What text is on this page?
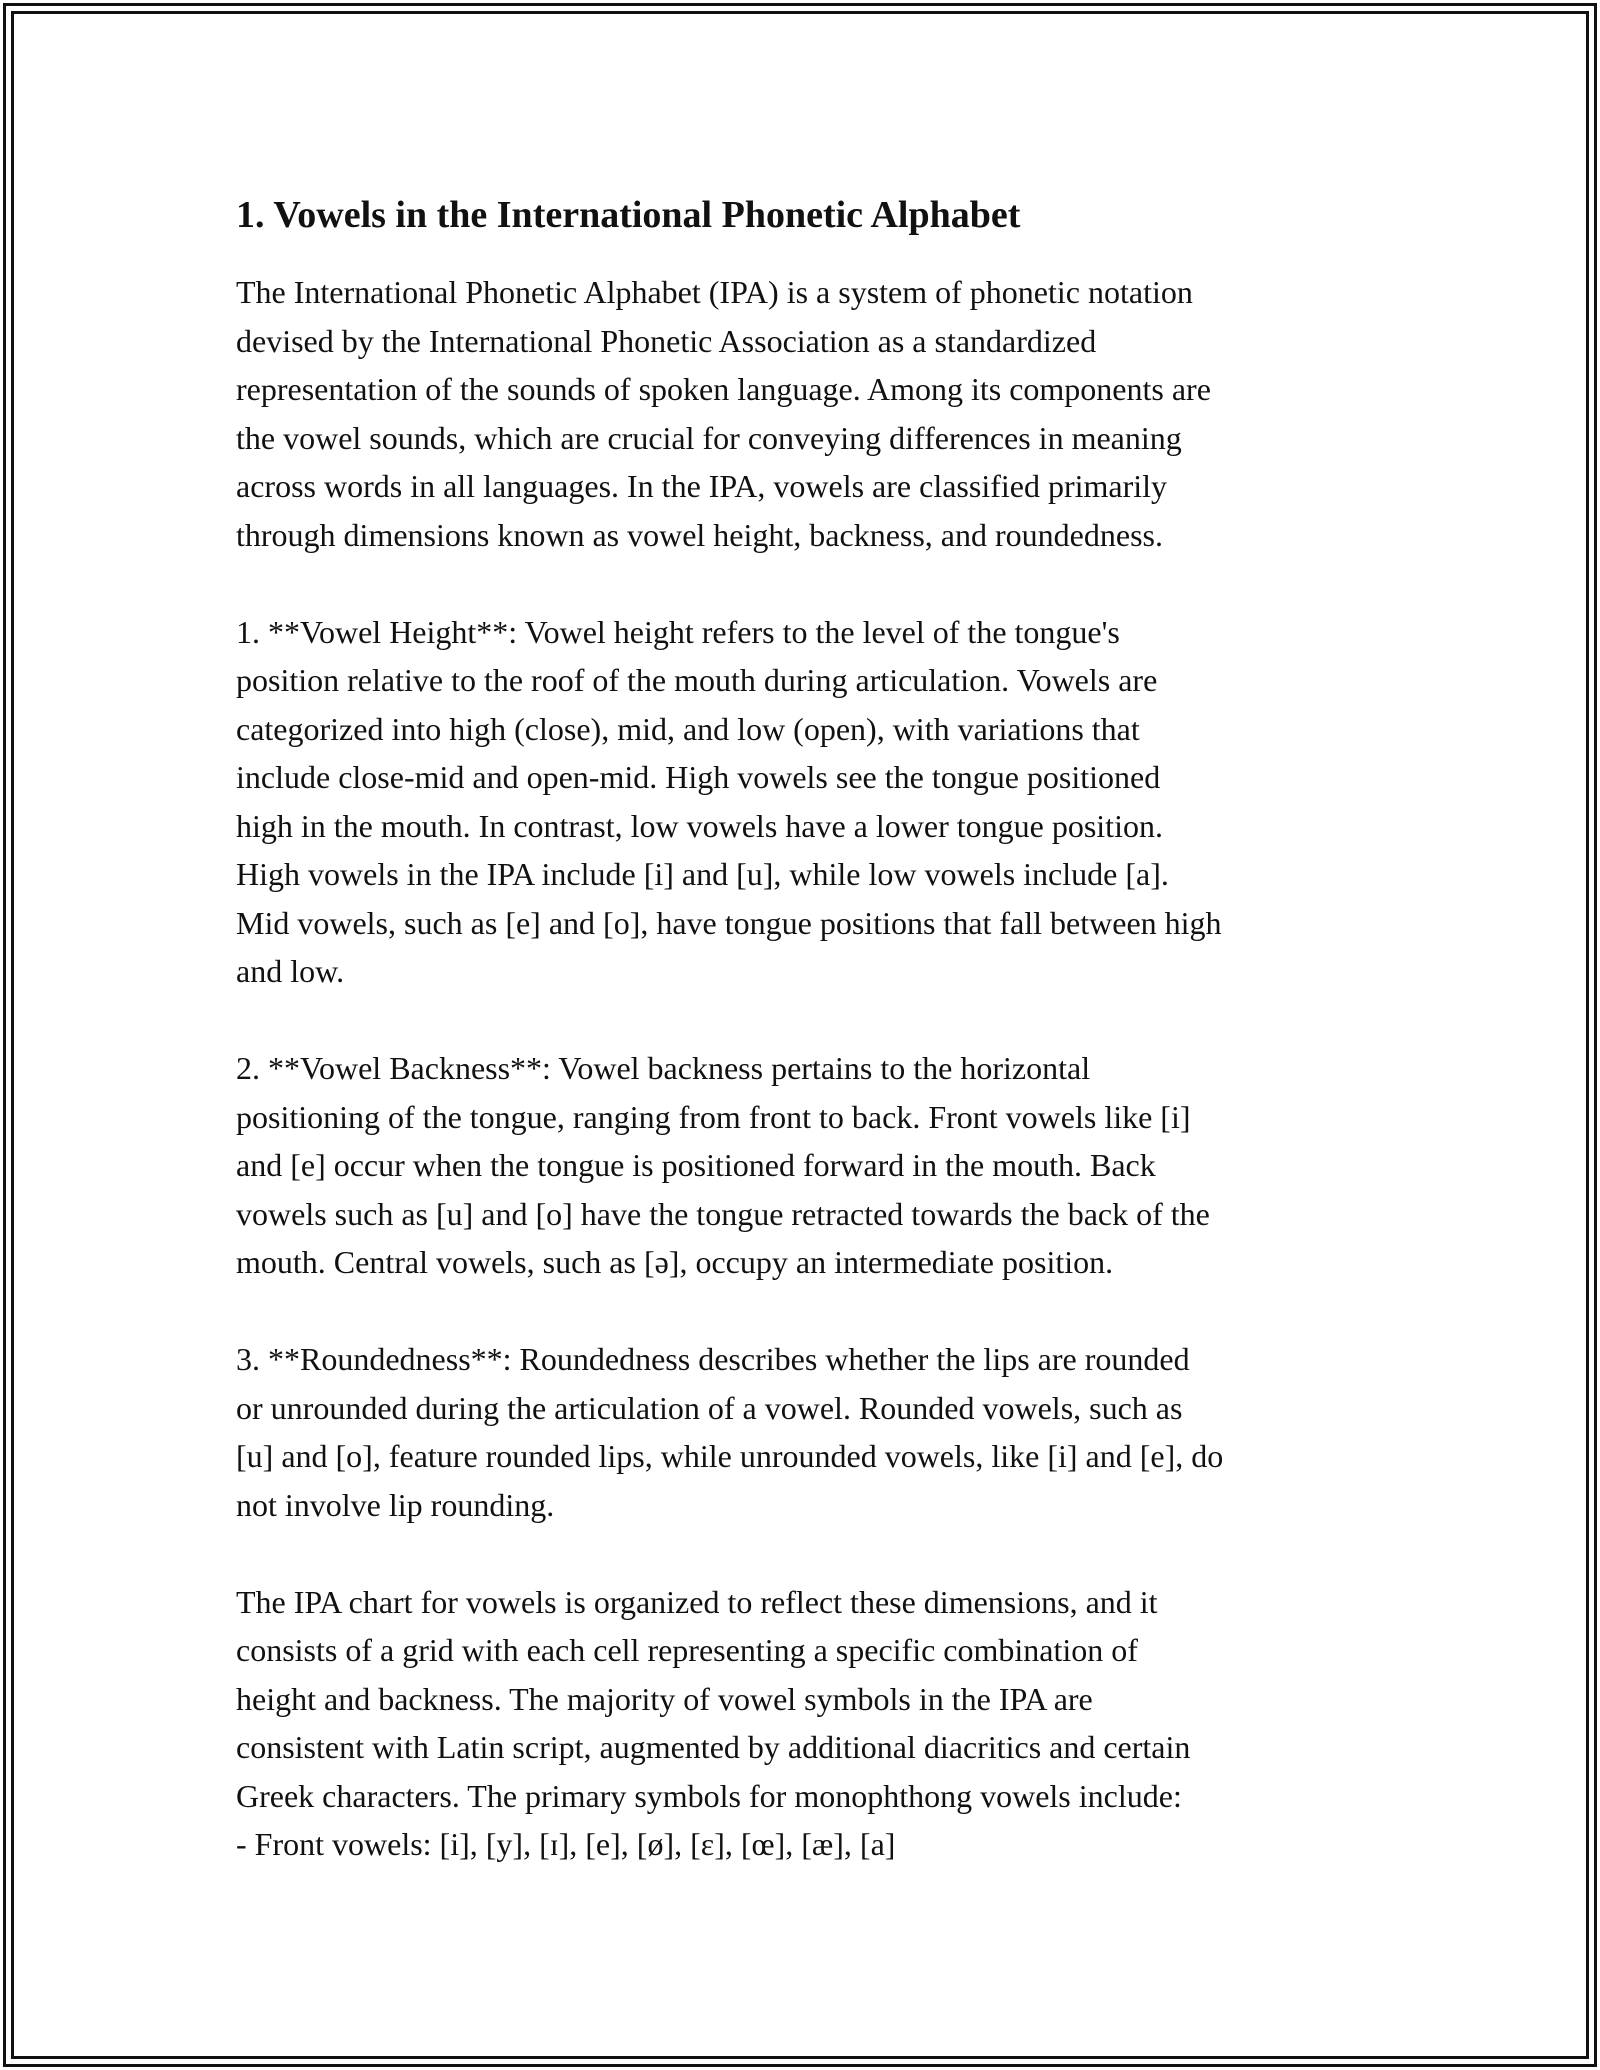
1. Vowels in the International Phonetic Alphabet

The International Phonetic Alphabet (IPA) is a system of phonetic notation
devised by the International Phonetic Association as a standardized
representation of the sounds of spoken language. Among its components are
the vowel sounds, which are crucial for conveying differences in meaning
across words in all languages. In the IPA, vowels are classified primarily
through dimensions known as vowel height, backness, and roundedness.

1. **Vowel Height**: Vowel height refers to the level of the tongue's
position relative to the roof of the mouth during articulation. Vowels are
categorized into high (close), mid, and low (open), with variations that
include close-mid and open-mid. High vowels see the tongue positioned
high in the mouth. In contrast, low vowels have a lower tongue position.
High vowels in the IPA include [i] and [u], while low vowels include [a].
Mid vowels, such as [e] and [o], have tongue positions that fall between high
and low.

2. **Vowel Backness**: Vowel backness pertains to the horizontal
positioning of the tongue, ranging from front to back. Front vowels like [i]
and [e] occur when the tongue is positioned forward in the mouth. Back
vowels such as [u] and [o] have the tongue retracted towards the back of the
mouth. Central vowels, such as [ə], occupy an intermediate position.

3. **Roundedness**: Roundedness describes whether the lips are rounded
or unrounded during the articulation of a vowel. Rounded vowels, such as
[u] and [o], feature rounded lips, while unrounded vowels, like [i] and [e], do
not involve lip rounding.

The IPA chart for vowels is organized to reflect these dimensions, and it
consists of a grid with each cell representing a specific combination of
height and backness. The majority of vowel symbols in the IPA are
consistent with Latin script, augmented by additional diacritics and certain
Greek characters. The primary symbols for monophthong vowels include:
- Front vowels: [i], [y], [ɪ], [e], [ø], [ɛ], [œ], [æ], [a]
